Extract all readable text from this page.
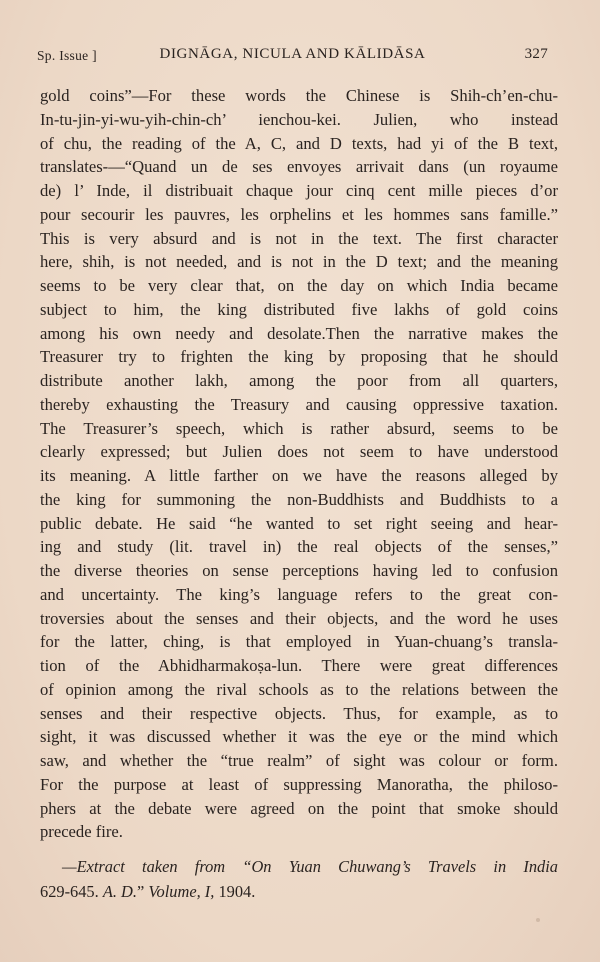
Sp. Issue ]	DIGNĀGA, NICULA AND KĀLIDĀSA	327
gold coins”—For these words the Chinese is Shih-ch’en-chu-
In-tu-jin-yi-wu-yih-chin-ch’ ienchou-kei. Julien, who instead
of chu, the reading of the A, C, and D texts, had yi of the B text,
translates-—“Quand un de ses envoyes arrivait dans (un royaume
de) l’ Inde, il distribuait chaque jour cinq cent mille pieces d’or
pour secourir les pauvres, les orphelins et les hommes sans famille.”
This is very absurd and is not in the text. The first character
here, shih, is not needed, and is not in the D text; and the meaning
seems to be very clear that, on the day on which India became
subject to him, the king distributed five lakhs of gold coins
among his own needy and desolate.Then the narrative makes the
Treasurer try to frighten the king by proposing that he should
distribute another lakh, among the poor from all quarters,
thereby exhausting the Treasury and causing oppressive taxation.
The Treasurer’s speech, which is rather absurd, seems to be
clearly expressed; but Julien does not seem to have understood
its meaning. A little farther on we have the reasons alleged by
the king for summoning the non-Buddhists and Buddhists to a
public debate. He said “he wanted to set right seeing and hear-
ing and study (lit. travel in) the real objects of the senses,”
the diverse theories on sense perceptions having led to confusion
and uncertainty. The king’s language refers to the great con-
troversies about the senses and their objects, and the word he uses
for the latter, ching, is that employed in Yuan-chuang’s transla-
tion of the Abhidharmakoṣa-lun. There were great differences
of opinion among the rival schools as to the relations between the
senses and their respective objects. Thus, for example, as to
sight, it was discussed whether it was the eye or the mind which
saw, and whether the “true realm” of sight was colour or form.
For the purpose at least of suppressing Manoratha, the philoso-
phers at the debate were agreed on the point that smoke should
precede fire.
—Extract taken from “On Yuan Chuwang’s Travels in India
629-645. A. D.” Volume, I, 1904.
